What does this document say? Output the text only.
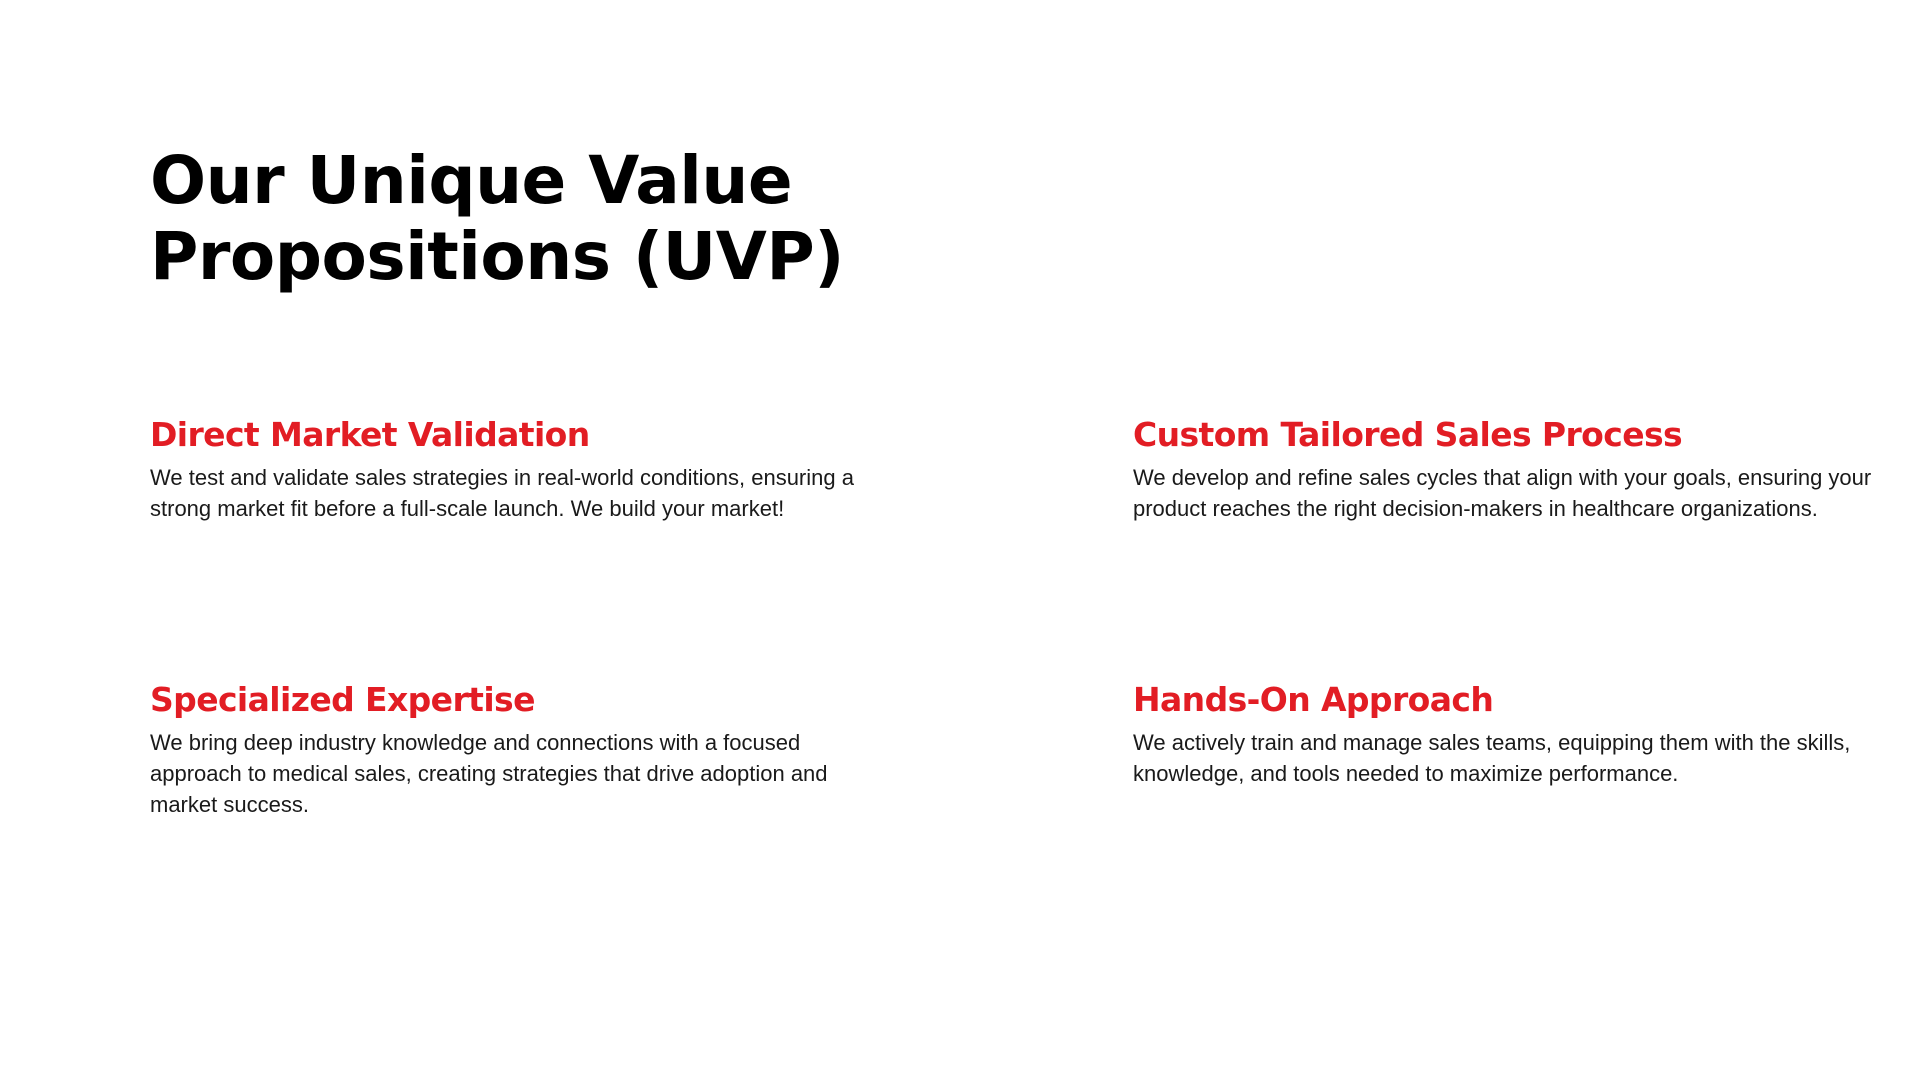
Our Unique Value
Propositions (UVP)
Direct Market Validation

We test and validate sales strategies in real-world conditions, ensuring a strong market fit before a full-scale launch. We build your market!

Custom Tailored Sales Process

We develop and refine sales cycles that align with your goals, ensuring your product reaches the right decision-makers in healthcare organizations.

Specialized Expertise

We bring deep industry knowledge and connections with a focused approach to medical sales, creating strategies that drive adoption and market success.

Hands-On Approach

We actively train and manage sales teams, equipping them with the skills, knowledge, and tools needed to maximize performance.
